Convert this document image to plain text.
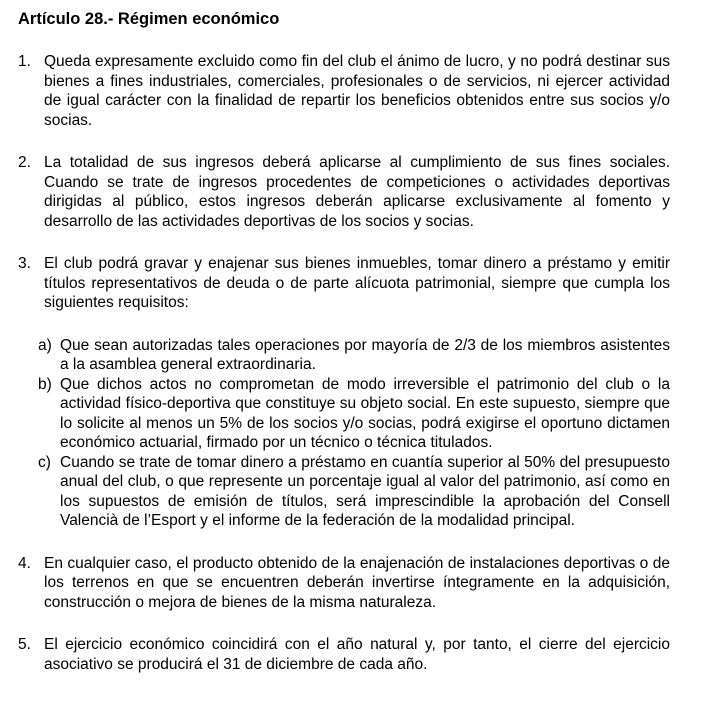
Artículo 28.- Régimen económico
1. Queda expresamente excluido como fin del club el ánimo de lucro, y no podrá destinar sus bienes a fines industriales, comerciales, profesionales o de servicios, ni ejercer actividad de igual carácter con la finalidad de repartir los beneficios obtenidos entre sus socios y/o socias.

2. La totalidad de sus ingresos deberá aplicarse al cumplimiento de sus fines sociales. Cuando se trate de ingresos procedentes de competiciones o actividades deportivas dirigidas al público, estos ingresos deberán aplicarse exclusivamente al fomento y desarrollo de las actividades deportivas de los socios y socias.

3. El club podrá gravar y enajenar sus bienes inmuebles, tomar dinero a préstamo y emitir títulos representativos de deuda o de parte alícuota patrimonial, siempre que cumpla los siguientes requisitos:

a) Que sean autorizadas tales operaciones por mayoría de 2/3 de los miembros asistentes a la asamblea general extraordinaria.

b) Que dichos actos no comprometan de modo irreversible el patrimonio del club o la actividad físico-deportiva que constituye su objeto social. En este supuesto, siempre que lo solicite al menos un 5% de los socios y/o socias, podrá exigirse el oportuno dictamen económico actuarial, firmado por un técnico o técnica titulados.

c) Cuando se trate de tomar dinero a préstamo en cuantía superior al 50% del presupuesto anual del club, o que represente un porcentaje igual al valor del patrimonio, así como en los supuestos de emisión de títulos, será imprescindible la aprobación del Consell Valencià de l’Esport y el informe de la federación de la modalidad principal.

4. En cualquier caso, el producto obtenido de la enajenación de instalaciones deportivas o de los terrenos en que se encuentren deberán invertirse íntegramente en la adquisición, construcción o mejora de bienes de la misma naturaleza.

5. El ejercicio económico coincidirá con el año natural y, por tanto, el cierre del ejercicio asociativo se producirá el 31 de diciembre de cada año.
